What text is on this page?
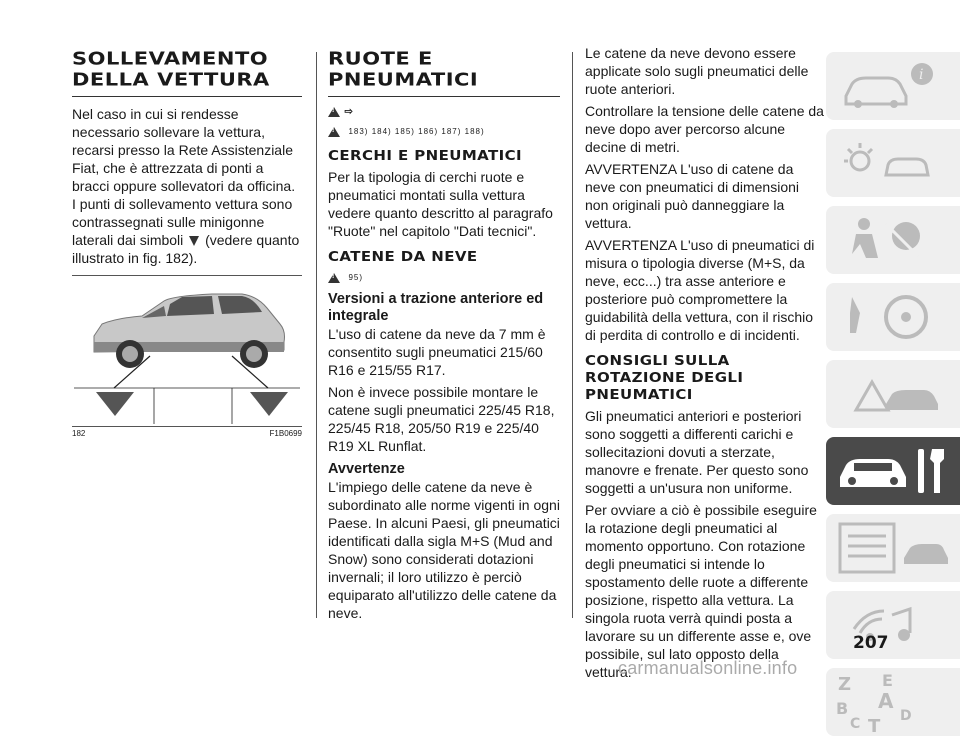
SOLLEVAMENTO
DELLA VETTURA

Nel caso in cui si rendesse necessario sollevare la vettura, recarsi presso la Rete Assistenziale Fiat, che è attrezzata di ponti a bracci oppure sollevatori da officina.

I punti di sollevamento vettura sono contrassegnati sulle minigonne laterali dai simboli (vedere quanto illustrato in fig. 182).

182	F1B0699
RUOTE E
PNEUMATICI
! ⇨
! 183) 184) 185) 186) 187) 188)
CERCHI E PNEUMATICI

Per la tipologia di cerchi ruote e pneumatici montati sulla vettura vedere quanto descritto al paragrafo "Ruote" nel capitolo "Dati tecnici".

CATENE DA NEVE
! 95)
Versioni a trazione anteriore ed integrale

L'uso di catene da neve da 7 mm è consentito sugli pneumatici 215/60 R16 e 215/55 R17.

Non è invece possibile montare le catene sugli pneumatici 225/45 R18, 225/45 R18, 205/50 R19 e 225/40 R19 XL Runflat.

Avvertenze

L'impiego delle catene da neve è subordinato alle norme vigenti in ogni Paese. In alcuni Paesi, gli pneumatici identificati dalla sigla M+S (Mud and Snow) sono considerati dotazioni invernali; il loro utilizzo è perciò equiparato all'utilizzo delle catene da neve.

Le catene da neve devono essere applicate solo sugli pneumatici delle ruote anteriori.

Controllare la tensione delle catene da neve dopo aver percorso alcune decine di metri.

AVVERTENZA L'uso di catene da neve con pneumatici di dimensioni non originali può danneggiare la vettura.

AVVERTENZA L'uso di pneumatici di misura o tipologia diverse (M+S, da neve, ecc...) tra asse anteriore e posteriore può compromettere la guidabilità della vettura, con il rischio di perdita di controllo e di incidenti.

CONSIGLI SULLA
ROTAZIONE DEGLI
PNEUMATICI

Gli pneumatici anteriori e posteriori sono soggetti a differenti carichi e sollecitazioni dovuti a sterzate, manovre e frenate. Per questo sono soggetti a un'usura non uniforme.

Per ovviare a ciò è possibile eseguire la rotazione degli pneumatici al momento opportuno. Con rotazione degli pneumatici si intende lo spostamento delle ruote a differente posizione, rispetto alla vettura. La singola ruota verrà quindi posta a lavorare su un differente asse e, ove possibile, sul lato opposto della vettura.

i
Z E
A
B	D
C T
207
carmanualsonline.info
